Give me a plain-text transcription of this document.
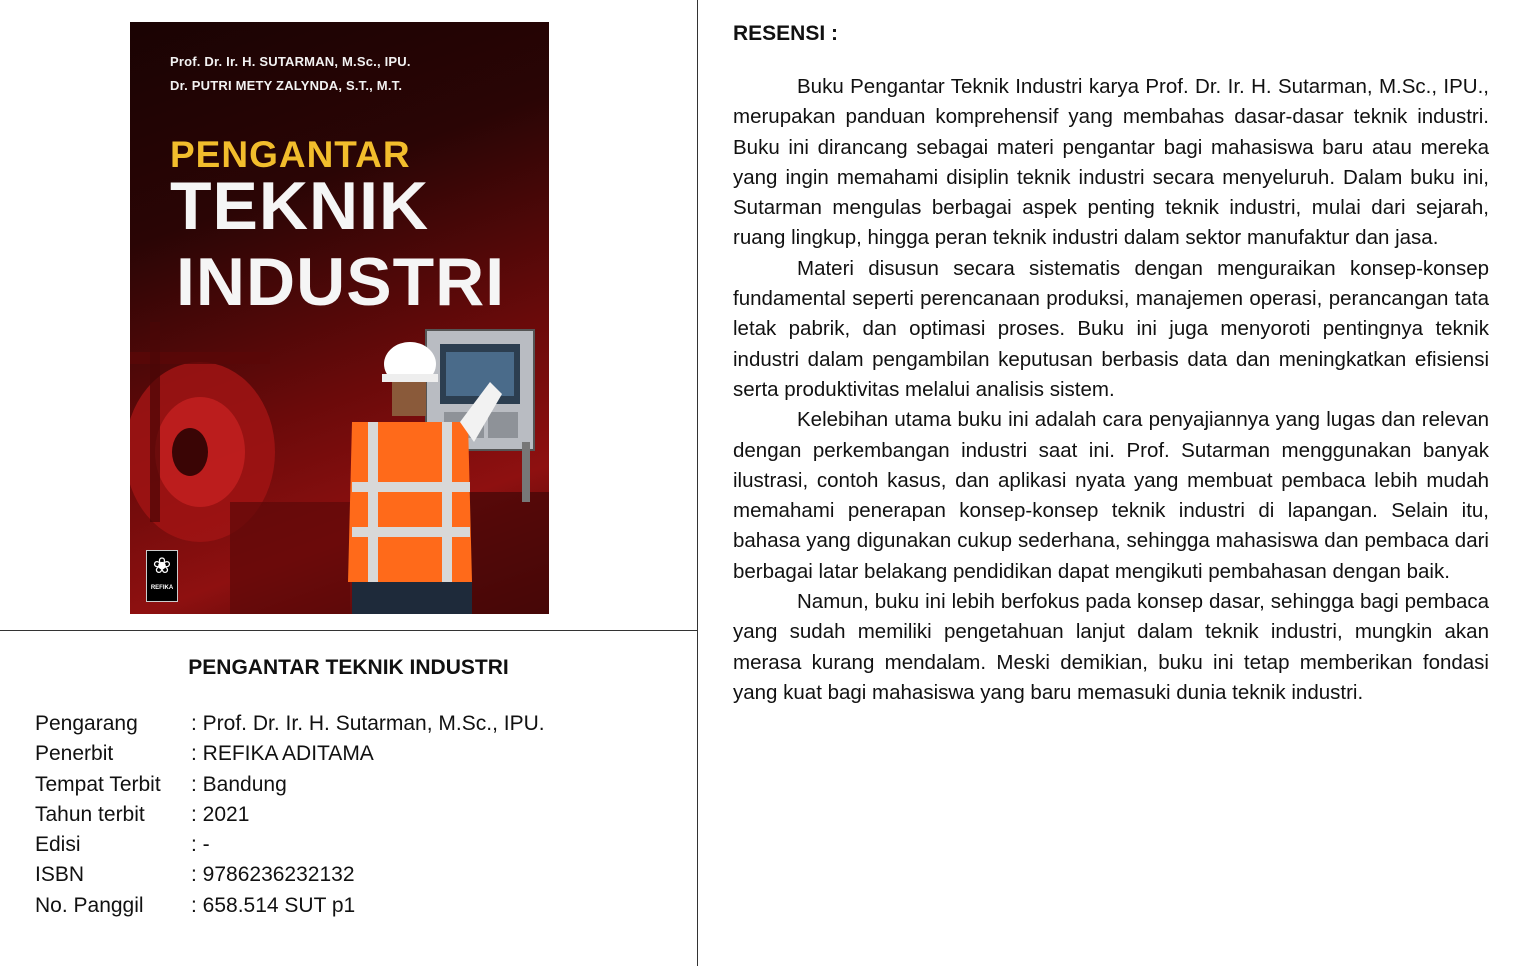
Prof. Dr. Ir. H. SUTARMAN, M.Sc., IPU.
Dr. PUTRI METY ZALYNDA, S.T., M.T.
PENGANTAR
TEKNIK
INDUSTRI
❀
REFIKA
PENGANTAR TEKNIK INDUSTRI
Pengarang	: Prof. Dr. Ir. H. Sutarman, M.Sc., IPU.
Penerbit	: REFIKA ADITAMA
Tempat Terbit	: Bandung
Tahun terbit	: 2021
Edisi	: -
ISBN	: 9786236232132
No. Panggil	: 658.514 SUT p1
RESENSI :

Buku Pengantar Teknik Industri karya Prof. Dr. Ir. H. Sutarman, M.Sc., IPU., merupakan panduan komprehensif yang membahas dasar-dasar teknik industri. Buku ini dirancang sebagai materi pengantar bagi mahasiswa baru atau mereka yang ingin memahami disiplin teknik industri secara menyeluruh. Dalam buku ini, Sutarman mengulas berbagai aspek penting teknik industri, mulai dari sejarah, ruang lingkup, hingga peran teknik industri dalam sektor manufaktur dan jasa.

Materi disusun secara sistematis dengan menguraikan konsep-konsep fundamental seperti perencanaan produksi, manajemen operasi, perancangan tata letak pabrik, dan optimasi proses. Buku ini juga menyoroti pentingnya teknik industri dalam pengambilan keputusan berbasis data dan meningkatkan efisiensi serta produktivitas melalui analisis sistem.

Kelebihan utama buku ini adalah cara penyajiannya yang lugas dan relevan dengan perkembangan industri saat ini. Prof. Sutarman menggunakan banyak ilustrasi, contoh kasus, dan aplikasi nyata yang membuat pembaca lebih mudah memahami penerapan konsep-konsep teknik industri di lapangan. Selain itu, bahasa yang digunakan cukup sederhana, sehingga mahasiswa dan pembaca dari berbagai latar belakang pendidikan dapat mengikuti pembahasan dengan baik.

Namun, buku ini lebih berfokus pada konsep dasar, sehingga bagi pembaca yang sudah memiliki pengetahuan lanjut dalam teknik industri, mungkin akan merasa kurang mendalam. Meski demikian, buku ini tetap memberikan fondasi yang kuat bagi mahasiswa yang baru memasuki dunia teknik industri.
